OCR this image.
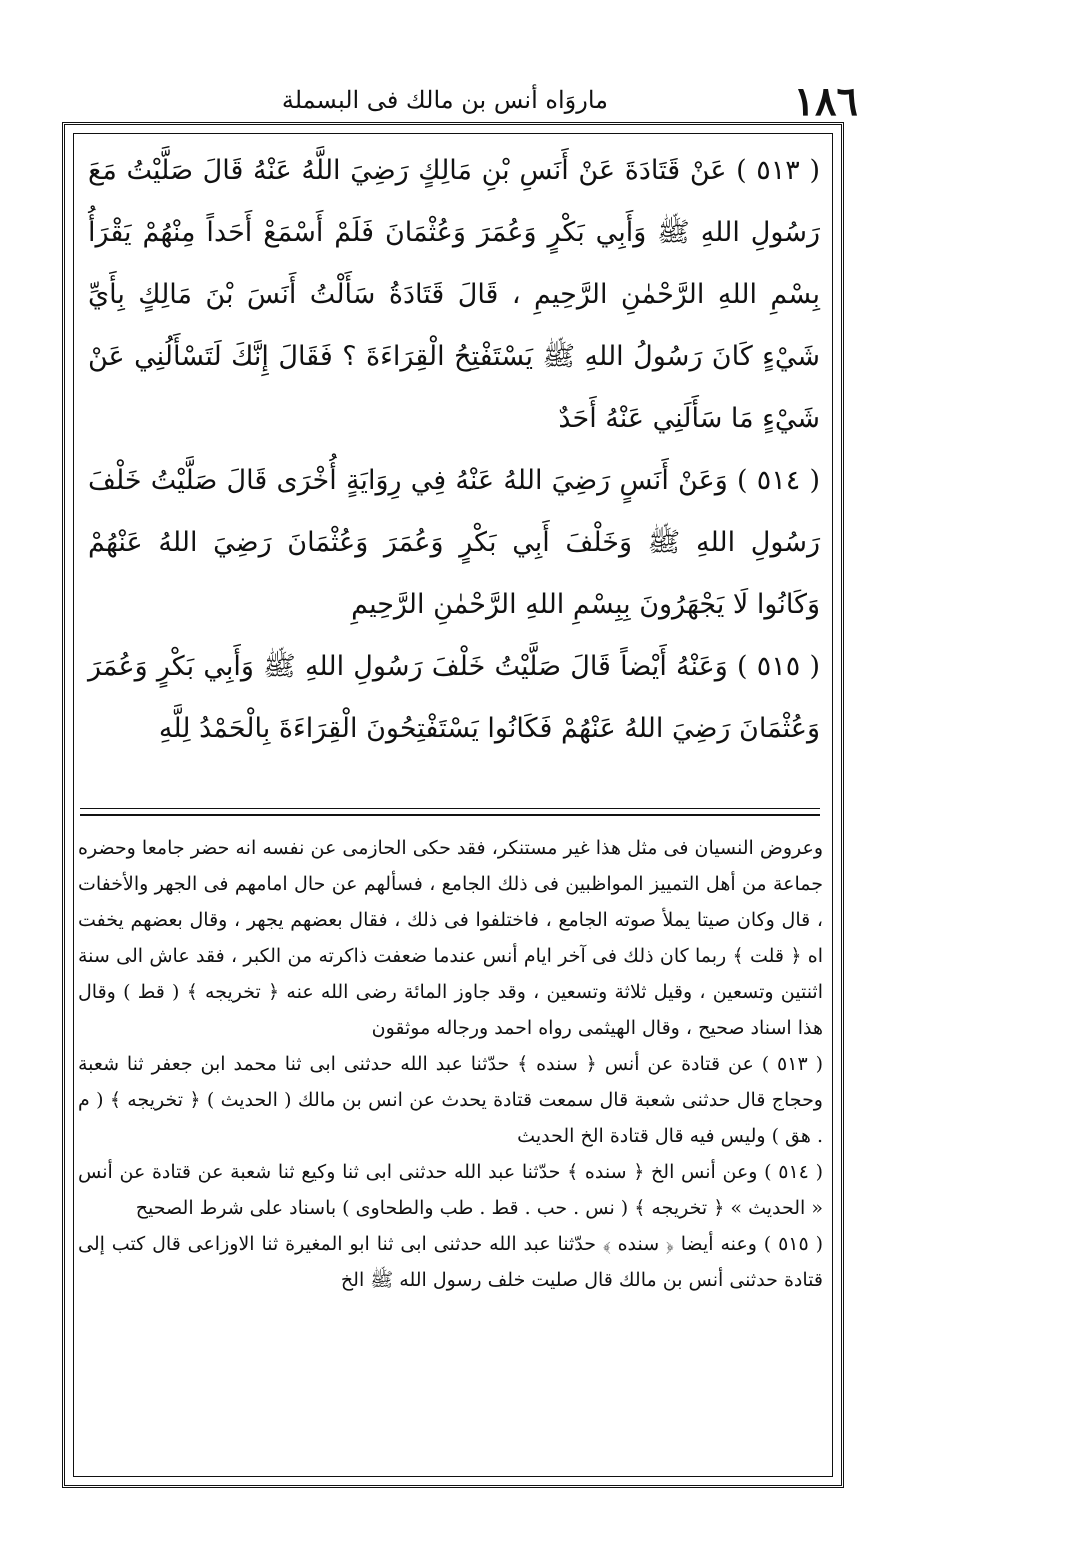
١٨٦
ماروَاه أنس بن مالك فى البسملة

( ٥١٣ ) عَنْ قَتَادَةَ عَنْ أَنَسِ بْنِ مَالِكٍ رَضِيَ اللَّهُ عَنْهُ قَالَ صَلَّيْتُ مَعَ رَسُولِ اللهِ ﷺ وَأَبِي بَكْرٍ وَعُمَرَ وَعُثْمَانَ فَلَمْ أَسْمَعْ أَحَداً مِنْهُمْ يَقْرَأُ بِسْمِ اللهِ الرَّحْمٰنِ الرَّحِيمِ ، قَالَ قَتَادَةُ سَأَلْتُ أَنَسَ بْنَ مَالِكٍ بِأَيِّ شَيْءٍ كَانَ رَسُولُ اللهِ ﷺ يَسْتَفْتِحُ الْقِرَاءَةَ ؟ فَقَالَ إِنَّكَ لَتَسْأَلُنِي عَنْ شَيْءٍ مَا سَأَلَنِي عَنْهُ أَحَدٌ

( ٥١٤ ) وَعَنْ أَنَسٍ رَضِيَ اللهُ عَنْهُ فِي رِوَايَةٍ أُخْرَى قَالَ صَلَّيْتُ خَلْفَ رَسُولِ اللهِ ﷺ وَخَلْفَ أَبِي بَكْرٍ وَعُمَرَ وَعُثْمَانَ رَضِيَ اللهُ عَنْهُمْ وَكَانُوا لَا يَجْهَرُونَ بِبِسْمِ اللهِ الرَّحْمٰنِ الرَّحِيمِ

( ٥١٥ ) وَعَنْهُ أَيْضاً قَالَ صَلَّيْتُ خَلْفَ رَسُولِ اللهِ ﷺ وَأَبِي بَكْرٍ وَعُمَرَ وَعُثْمَانَ رَضِيَ اللهُ عَنْهُمْ فَكَانُوا يَسْتَفْتِحُونَ الْقِرَاءَةَ بِالْحَمْدُ لِلَّهِ

وعروض النسيان فى مثل هذا غير مستنكر، فقد حكى الحازمى عن نفسه انه حضر جامعا وحضره جماعة من أهل التمييز المواظبين فى ذلك الجامع ، فسألهم عن حال امامهم فى الجهر والأخفات ، قال وكان صيتا يملأ صوته الجامع ، فاختلفوا فى ذلك ، فقال بعضهم يجهر ، وقال بعضهم يخفت اه ﴿ قلت ﴾ ربما كان ذلك فى آخر ايام أنس عندما ضعفت ذاكرته من الكبر ، فقد عاش الى سنة اثنتين وتسعين ، وقيل ثلاثة وتسعين ، وقد جاوز المائة رضى الله عنه ﴿ تخريجه ﴾ ( قط ) وقال هذا اسناد صحيح ، وقال الهيثمى رواه احمد ورجاله موثقون

( ٥١٣ ) عن قتادة عن أنس ﴿ سنده ﴾ حدّثنا عبد الله حدثنى ابى ثنا محمد ابن جعفر ثنا شعبة وحجاج قال حدثنى شعبة قال سمعت قتادة يحدث عن انس بن مالك ( الحديث ) ﴿ تخريجه ﴾ ( م . هق ) وليس فيه قال قتادة الخ الحديث

( ٥١٤ ) وعن أنس الخ ﴿ سنده ﴾ حدّثنا عبد الله حدثنى ابى ثنا وكيع ثنا شعبة عن قتادة عن أنس « الحديث » ﴿ تخريجه ﴾ ( نس . حب . قط . طب والطحاوى ) باسناد على شرط الصحيح

( ٥١٥ ) وعنه أيضا ﴿ سنده ﴾ حدّثنا عبد الله حدثنى ابى ثنا ابو المغيرة ثنا الاوزاعى قال كتب إلى قتادة حدثنى أنس بن مالك قال صليت خلف رسول الله ﷺ الخ
